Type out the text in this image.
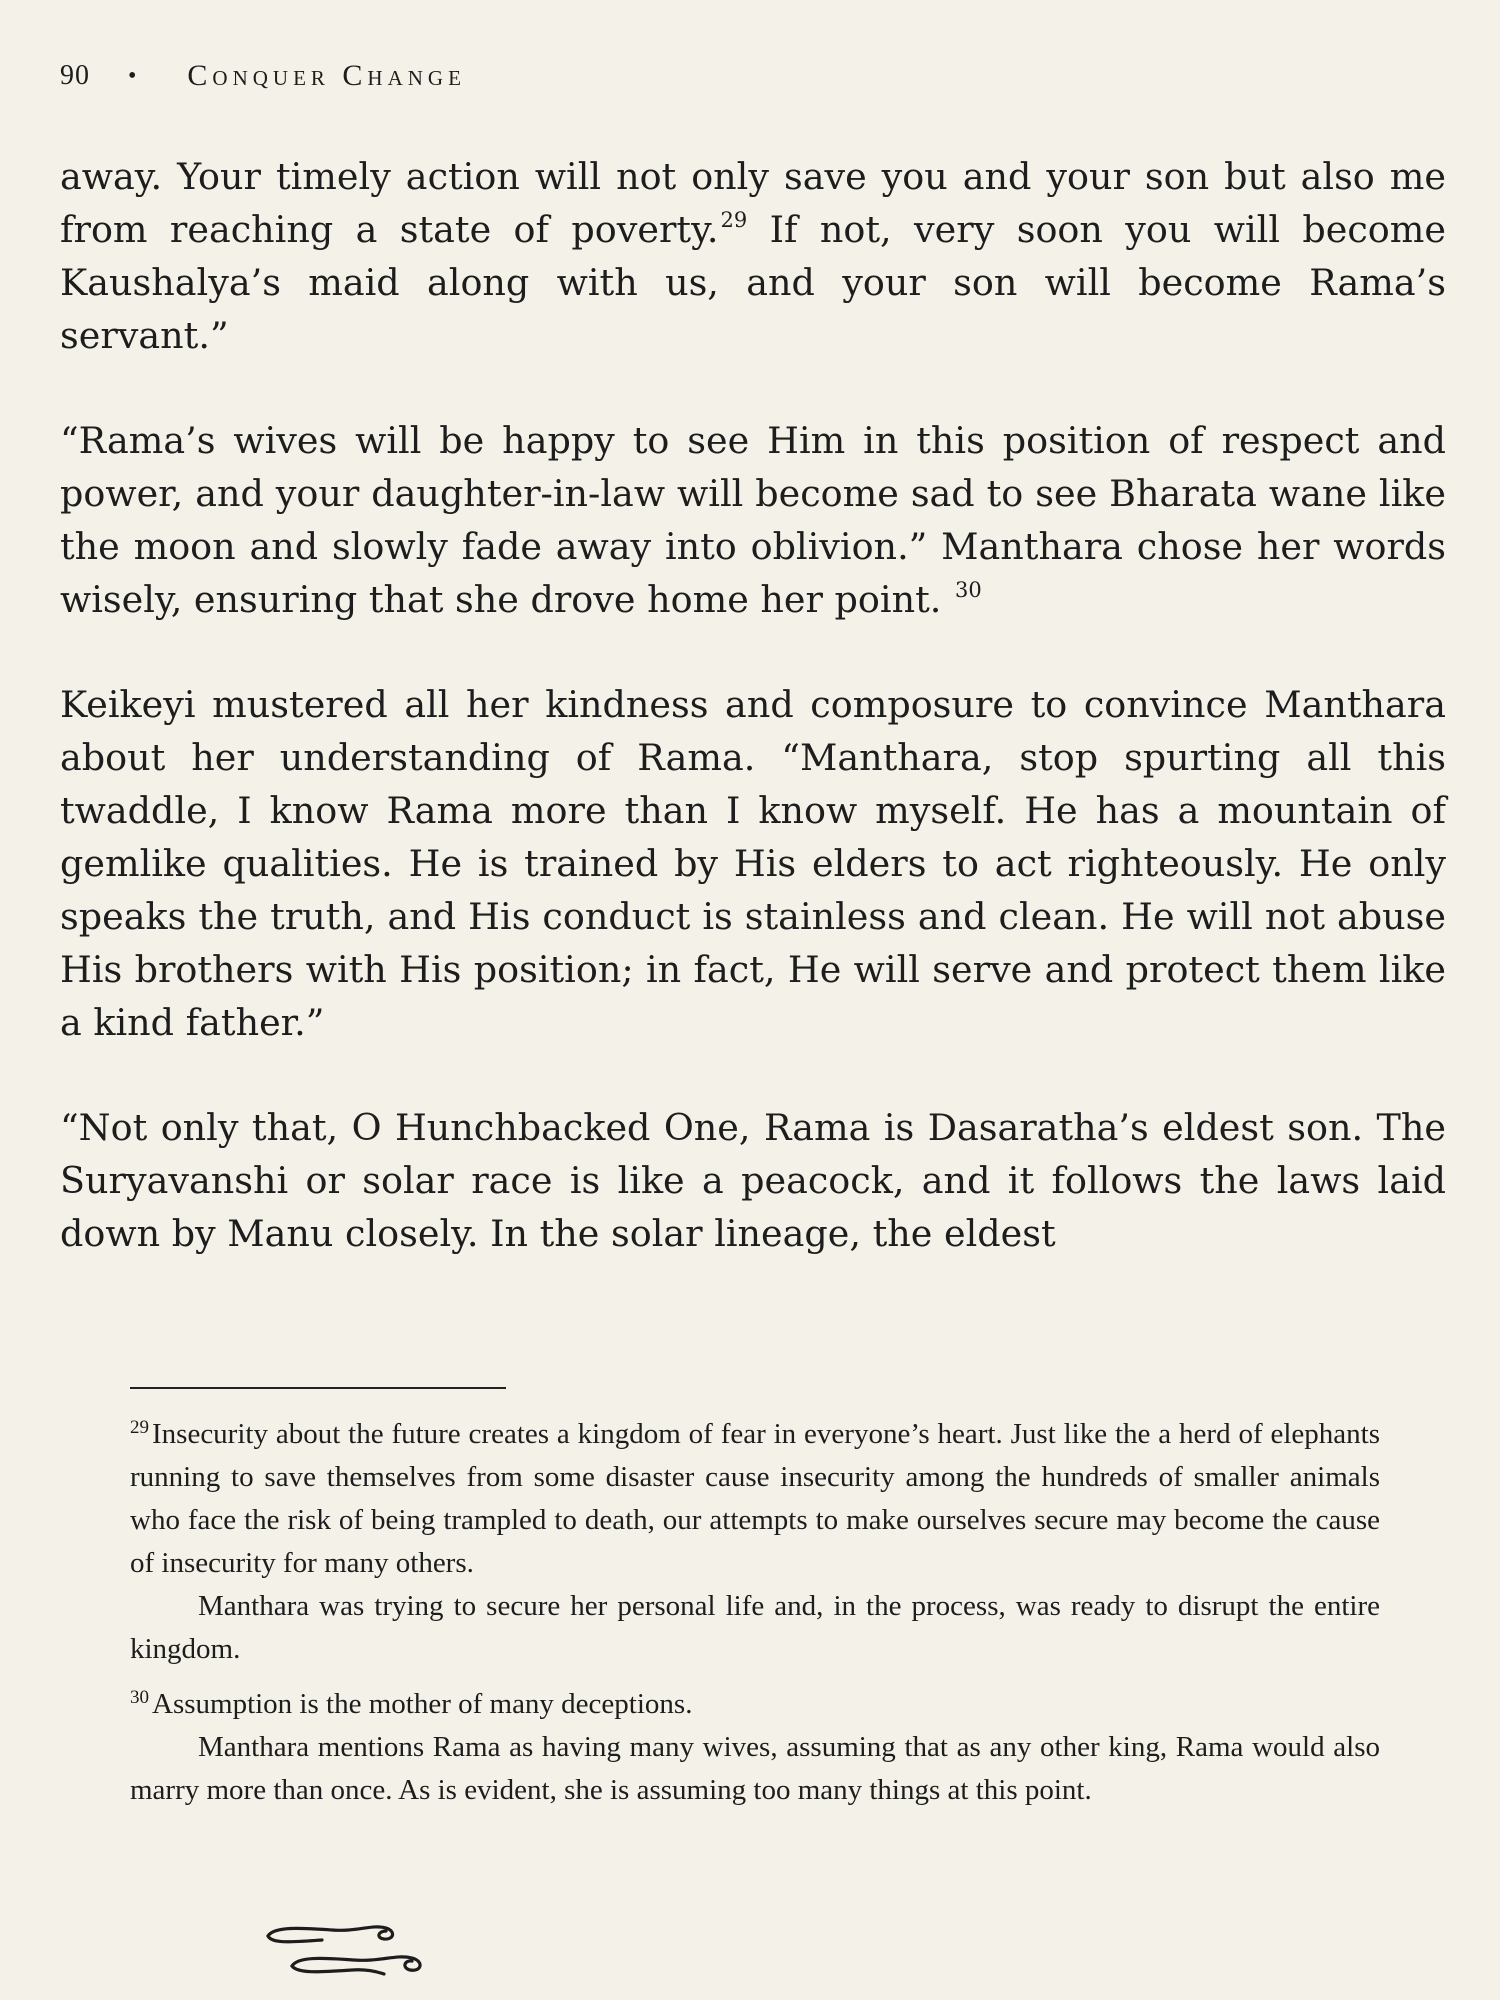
90 • Conquer Change

away. Your timely action will not only save you and your son but also me from reaching a state of poverty.$^{29}$ If not, very soon you will become Kaushalya’s maid along with us, and your son will become Rama’s servant.”

“Rama’s wives will be happy to see Him in this position of respect and power, and your daughter-in-law will become sad to see Bharata wane like the moon and slowly fade away into oblivion.” Manthara chose her words wisely, ensuring that she drove home her point. $^{30}$

Keikeyi mustered all her kindness and composure to convince Manthara about her understanding of Rama. “Manthara, stop spurting all this twaddle, I know Rama more than I know myself. He has a mountain of gemlike qualities. He is trained by His elders to act righteously. He only speaks the truth, and His conduct is stainless and clean. He will not abuse His brothers with His position; in fact, He will serve and protect them like a kind father.”

“Not only that, O Hunchbacked One, Rama is Dasaratha’s eldest son. The Suryavanshi or solar race is like a peacock, and it follows the laws laid down by Manu closely. In the solar lineage, the eldest

$^{29}$ Insecurity about the future creates a kingdom of fear in everyone’s heart. Just like the a herd of elephants running to save themselves from some disaster cause insecurity among the hundreds of smaller animals who face the risk of being trampled to death, our attempts to make ourselves secure may become the cause of insecurity for many others.

Manthara was trying to secure her personal life and, in the process, was ready to disrupt the entire kingdom.

$^{30}$ Assumption is the mother of many deceptions.

Manthara mentions Rama as having many wives, assuming that as any other king, Rama would also marry more than once. As is evident, she is assuming too many things at this point.
